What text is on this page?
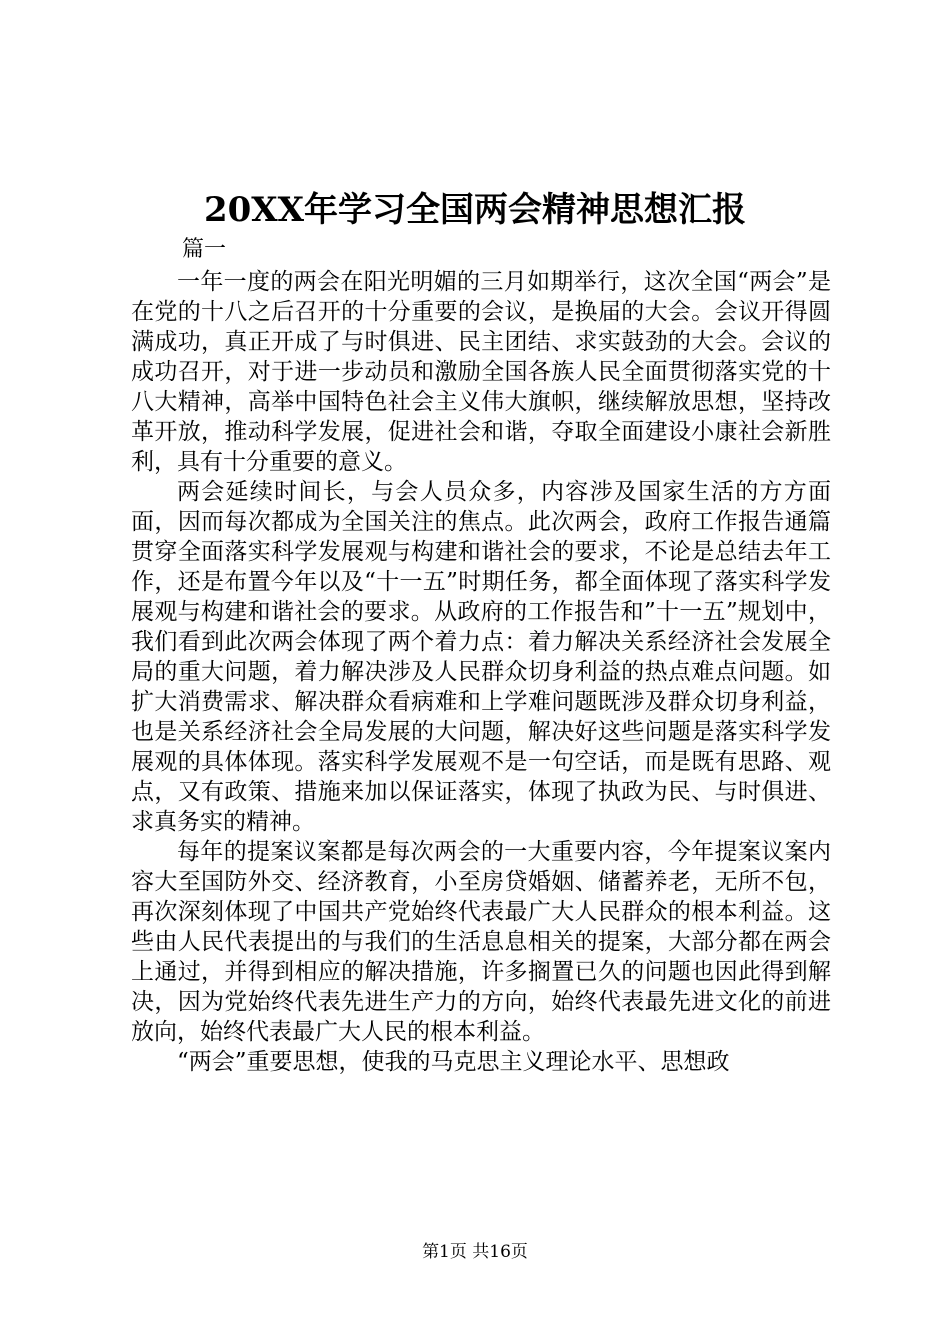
20XX年学习全国两会精神思想汇报
篇一

一年一度的两会在阳光明媚的三月如期举行，这次全国“两会”是在党的十八之后召开的十分重要的会议，是换届的大会。会议开得圆满成功，真正开成了与时俱进、民主团结、求实鼓劲的大会。会议的成功召开，对于进一步动员和激励全国各族人民全面贯彻落实党的十八大精神，高举中国特色社会主义伟大旗帜，继续解放思想，坚持改革开放，推动科学发展，促进社会和谐，夺取全面建设小康社会新胜利，具有十分重要的意义。

两会延续时间长，与会人员众多，内容涉及国家生活的方方面面，因而每次都成为全国关注的焦点。此次两会，政府工作报告通篇贯穿全面落实科学发展观与构建和谐社会的要求，不论是总结去年工作，还是布置今年以及“十一五”时期任务，都全面体现了落实科学发展观与构建和谐社会的要求。从政府的工作报告和”十一五”规划中，我们看到此次两会体现了两个着力点：着力解决关系经济社会发展全局的重大问题，着力解决涉及人民群众切身利益的热点难点问题。如扩大消费需求、解决群众看病难和上学难问题既涉及群众切身利益，也是关系经济社会全局发展的大问题，解决好这些问题是落实科学发展观的具体体现。落实科学发展观不是一句空话，而是既有思路、观点，又有政策、措施来加以保证落实，体现了执政为民、与时俱进、求真务实的精神。

每年的提案议案都是每次两会的一大重要内容，今年提案议案内容大至国防外交、经济教育，小至房贷婚姻、储蓄养老，无所不包，再次深刻体现了中国共产党始终代表最广大人民群众的根本利益。这些由人民代表提出的与我们的生活息息相关的提案，大部分都在两会上通过，并得到相应的解决措施，许多搁置已久的问题也因此得到解决，因为党始终代表先进生产力的方向，始终代表最先进文化的前进放向，始终代表最广大人民的根本利益。

“两会”重要思想，使我的马克思主义理论水平、思想政

第1页 共16页
